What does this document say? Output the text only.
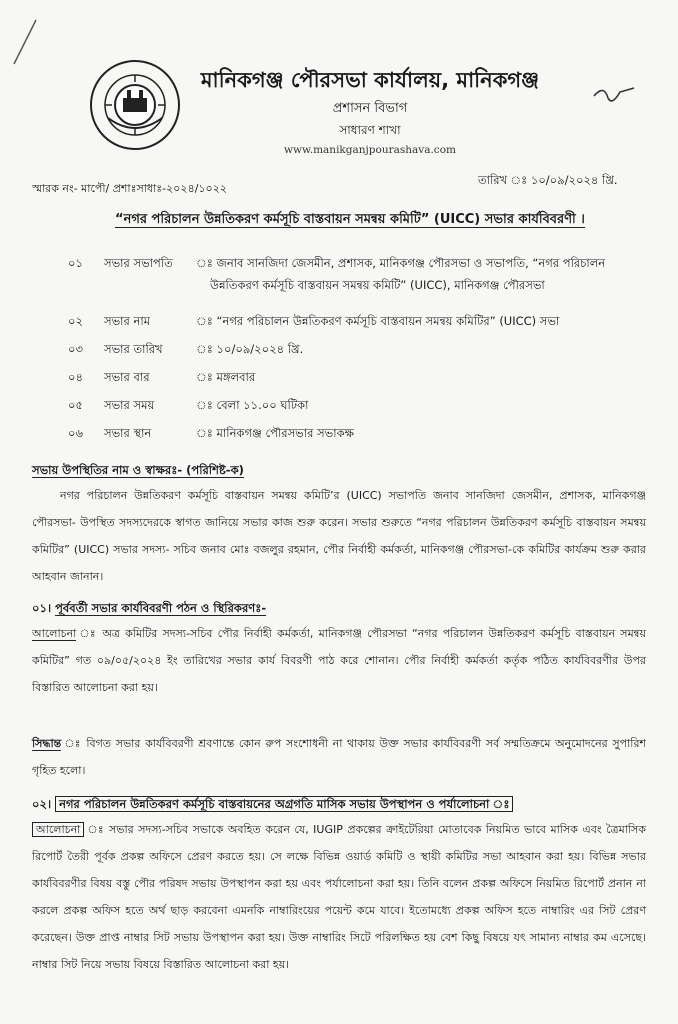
মানিকগঞ্জ পৌরসভা কার্যালয়, মানিকগঞ্জ
প্রশাসন বিভাগ
সাধারণ শাখা
www.manikganjpourashava.com
স্মারক নং- মাপৌ/ প্রশাঃসাধাঃ-২০২৪/১০২২
তারিখ ঃ ১০/০৯/২০২৪ খ্রি.
“নগর পরিচালন উন্নতিকরণ কর্মসূচি বাস্তবায়ন সমন্বয় কমিটি” (UICC) সভার কার্যবিবরণী ।
০১ সভার সভাপতি ঃ জনাব সানজিদা জেসমীন, প্রশাসক, মানিকগঞ্জ পৌরসভা ও সভাপতি, “নগর পরিচালন
উন্নতিকরণ কর্মসূচি বাস্তবায়ন সমন্বয় কমিটি” (UICC), মানিকগঞ্জ পৌরসভা
০২ সভার নাম	ঃ “নগর পরিচালন উন্নতিকরণ কর্মসূচি বাস্তবায়ন সমন্বয় কমিটির” (UICC) সভা
০৩ সভার তারিখ	ঃ ১০/০৯/২০২৪ খ্রি.
০৪ সভার বার	ঃ মঙ্গলবার
০৫ সভার সময়	ঃ বেলা ১১.০০ ঘটিকা
০৬ সভার স্থান	ঃ মানিকগঞ্জ পৌরসভার সভাকক্ষ
সভায় উপস্থিতির নাম ও স্বাক্ষরঃ- (পরিশিষ্ট-ক)
নগর পরিচালন উন্নতিকরণ কর্মসূচি বাস্তবায়ন সমন্বয় কমিটি’র (UICC) সভাপতি জনাব সানজিদা জেসমীন, প্রশাসক, মানিকগঞ্জ পৌরসভা- উপস্থিত সদস্যদেরকে স্বাগত জানিয়ে সভার কাজ শুরু করেন। সভার শুরুতে “নগর পরিচালন উন্নতিকরণ কর্মসূচি বাস্তবায়ন সমন্বয় কমিটির” (UICC) সভার সদস্য- সচিব জনাব মোঃ বজলুর রহমান, পৌর নির্বাহী কর্মকর্তা, মানিকগঞ্জ পৌরসভা-কে কমিটির কার্যক্রম শুরু করার আহবান জানান।
০১। পূর্ববর্তী সভার কার্যবিবরণী পঠন ও স্থিরিকরণঃ-
আলোচনা ঃ অত্র কমিটির সদস্য-সচিব পৌর নির্বাহী কর্মকর্তা, মানিকগঞ্জ পৌরসভা “নগর পরিচালন উন্নতিকরণ কর্মসূচি বাস্তবায়ন সমন্বয় কমিটির” গত ০৯/০৫/২০২৪ ইং তারিখের সভার কার্য বিবরণী পাঠ করে শোনান। পৌর নির্বাহী কর্মকর্তা কর্তৃক পঠিত কার্যবিবরণীর উপর বিস্তারিত আলোচনা করা হয়।
সিদ্ধান্ত ঃ বিগত সভার কার্যবিবরণী শ্রবণান্তে কোন রুপ সংশোধনী না থাকায় উক্ত সভার কার্যবিবরণী সর্ব সম্মতিক্রমে অনুমোদনের সুপারিশ গৃহিত হলো।
০২। নগর পরিচালন উন্নতিকরণ কর্মসূচি বাস্তবায়নের অগ্রগতি মাসিক সভায় উপস্থাপন ও পর্যালোচনা ঃ
আলোচনা ঃ সভার সদস্য-সচিব সভাকে অবহিত করেন যে, IUGIP প্রকল্পের ক্রাইটেরিয়া মোতাবেক নিয়মিত ভাবে মাসিক এবং ত্রৈমাসিক রিপোর্ট তৈরী পূর্বক প্রকল্প অফিসে প্রেরণ করতে হয়। সে লক্ষে বিভিন্ন ওয়ার্ড কমিটি ও স্থায়ী কমিটির সভা আহবান করা হয়। বিভিন্ন সভার কার্যবিবরণীর বিষয় বস্তু পৌর পরিষদ সভায় উপস্থাপন করা হয় এবং পর্যালোচনা করা হয়। তিনি বলেন প্রকল্প অফিসে নিয়মিত রিপোর্ট প্রনান না করলে প্রকল্প অফিস হতে অর্থ ছাড় করবেনা এমনকি নাম্বারিংয়ের পয়েন্ট কমে যাবে। ইতোমধ্যে প্রকল্প অফিস হতে নাম্বারিং এর সিট প্রেরণ করেছেন। উক্ত প্রাপ্ত নাম্বার সিট সভায় উপস্থাপন করা হয়। উক্ত নাম্বারিং সিটে পরিলক্ষিত হয় বেশ কিছু বিষয়ে যৎ সামান্য নাম্বার কম এসেছে। নাম্বার সিট নিয়ে সভায় বিষয়ে বিস্তারিত আলোচনা করা হয়।
